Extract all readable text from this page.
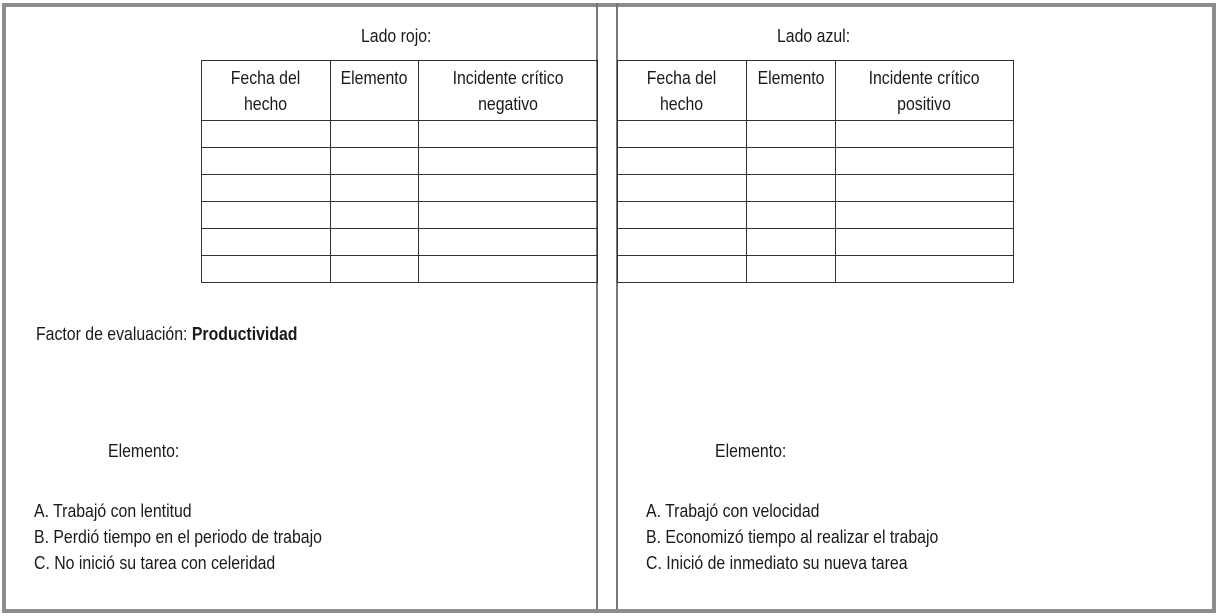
Lado rojo:
Fecha del
hecho	Elemento	Incidente crítico
negativo

Factor de evaluación: Productividad
Elemento:
A. Trabajó con lentitud
B. Perdió tiempo en el periodo de trabajo
C. No inició su tarea con celeridad
Lado azul:
Fecha del
hecho	Elemento	Incidente crítico
positivo

Elemento:
A. Trabajó con velocidad
B. Economizó tiempo al realizar el trabajo
C. Inició de inmediato su nueva tarea
